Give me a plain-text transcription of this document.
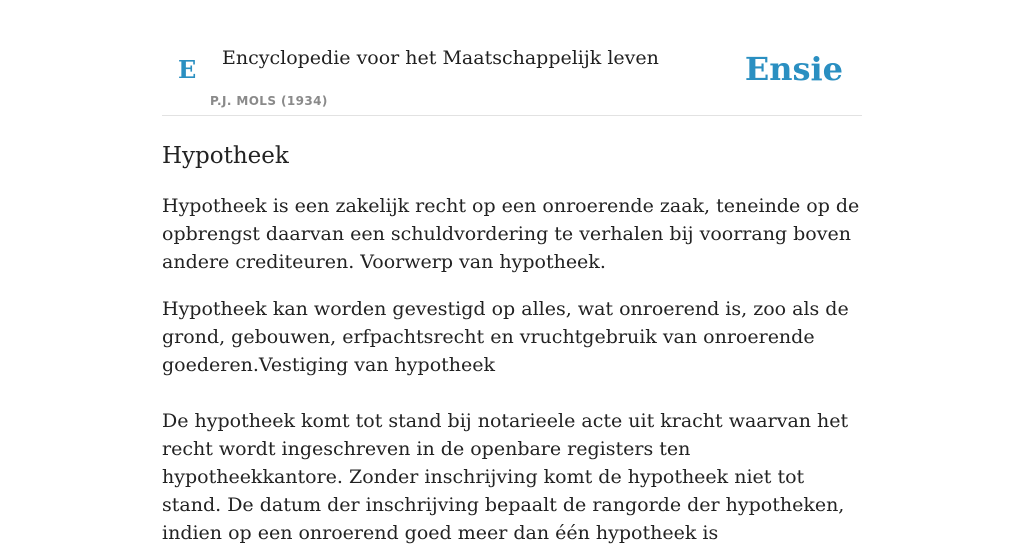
E Encyclopedie voor het Maatschappelijk leven
P.J. MOLS (1934)
Ensie
Hypotheek

Hypotheek is een zakelijk recht op een onroerende zaak, teneinde op de opbrengst daarvan een schuldvordering te verhalen bij voorrang boven andere crediteuren. Voorwerp van hypotheek.

Hypotheek kan worden gevestigd op alles, wat onroerend is, zoo als de grond, gebouwen, erfpachtsrecht en vruchtgebruik van onroerende goederen.Vestiging van hypotheek

De hypotheek komt tot stand bij notarieele acte uit kracht waarvan het recht wordt ingeschreven in de openbare registers ten hypotheekkantore. Zonder inschrijving komt de hypotheek niet tot stand. De datum der inschrijving bepaalt de rangorde der hypotheken, indien op een onroerend goed meer dan één hypotheek is
